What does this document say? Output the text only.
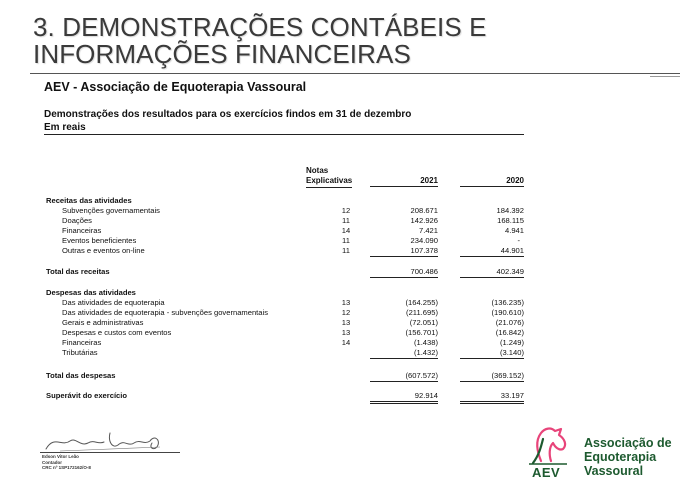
3. DEMONSTRAÇÕES CONTÁBEIS E INFORMAÇÕES FINANCEIRAS
AEV - Associação de Equoterapia Vassoural
Demonstrações dos resultados para os exercícios findos em 31 de dezembro
Em reais
Notas
Explicativas	2021	2020
Receitas das atividades
Subvenções governamentais	12	208.671	184.392
Doações	11	142.926	168.115
Financeiras	14	7.421	4.941
Eventos beneficientes	11	234.090	-
Outras e eventos on-line	11	107.378	44.901
Total das receitas	700.486	402.349
Despesas das atividades
Das atividades de equoterapia	13	(164.255)	(136.235)
Das atividades de equoterapia - subvenções governamentais	12	(211.695)	(190.610)
Gerais e administrativas	13	(72.051)	(21.076)
Despesas e custos com eventos	13	(156.701)	(16.842)
Financeiras	14	(1.438)	(1.249)
Tributárias	(1.432)	(3.140)
Total das despesas	(607.572)	(369.152)
Superávit do exercício	92.914	33.197
Edson Vitor Leão
Contador
CRC nº 1SP172162/O-8	AEV
Associação de
Equoterapia
Vassoural
